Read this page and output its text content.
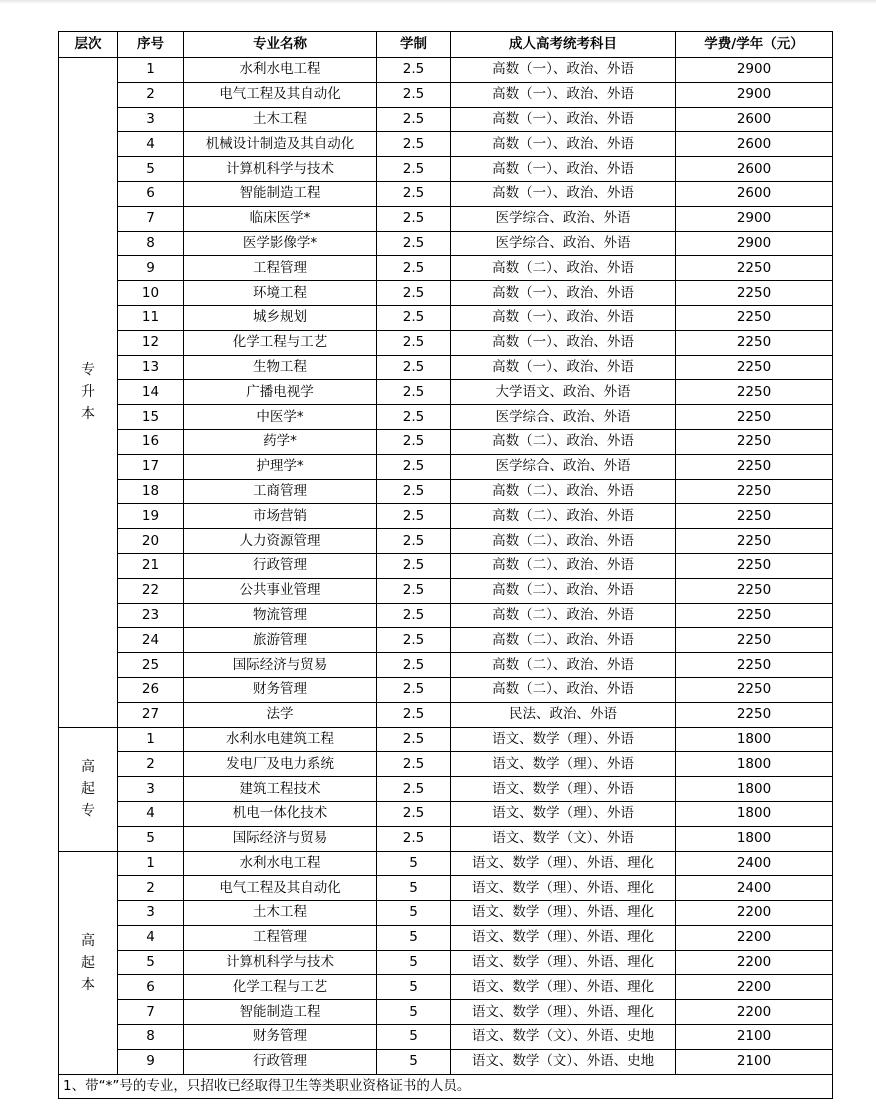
层次	序号	专业名称	学制	成人高考统考科目	学费/学年（元）

专
升
本	1	水利水电工程	2.5	高数（一）、政治、外语	2900
	2	电气工程及其自动化	2.5	高数（一）、政治、外语	2900
	3	土木工程	2.5	高数（一）、政治、外语	2600
	4	机械设计制造及其自动化	2.5	高数（一）、政治、外语	2600
	5	计算机科学与技术	2.5	高数（一）、政治、外语	2600
	6	智能制造工程	2.5	高数（一）、政治、外语	2600
	7	临床医学*	2.5	医学综合、政治、外语	2900
	8	医学影像学*	2.5	医学综合、政治、外语	2900
	9	工程管理	2.5	高数（二）、政治、外语	2250
	10	环境工程	2.5	高数（一）、政治、外语	2250
	11	城乡规划	2.5	高数（一）、政治、外语	2250
	12	化学工程与工艺	2.5	高数（一）、政治、外语	2250
	13	生物工程	2.5	高数（一）、政治、外语	2250
	14	广播电视学	2.5	大学语文、政治、外语	2250
	15	中医学*	2.5	医学综合、政治、外语	2250
	16	药学*	2.5	高数（二）、政治、外语	2250
	17	护理学*	2.5	医学综合、政治、外语	2250
	18	工商管理	2.5	高数（二）、政治、外语	2250
	19	市场营销	2.5	高数（二）、政治、外语	2250
	20	人力资源管理	2.5	高数（二）、政治、外语	2250
	21	行政管理	2.5	高数（二）、政治、外语	2250
	22	公共事业管理	2.5	高数（二）、政治、外语	2250
	23	物流管理	2.5	高数（二）、政治、外语	2250
	24	旅游管理	2.5	高数（二）、政治、外语	2250
	25	国际经济与贸易	2.5	高数（二）、政治、外语	2250
	26	财务管理	2.5	高数（二）、政治、外语	2250
	27	法学	2.5	民法、政治、外语	2250

高
起
专	1	水利水电建筑工程	2.5	语文、数学（理）、外语	1800
	2	发电厂及电力系统	2.5	语文、数学（理）、外语	1800
	3	建筑工程技术	2.5	语文、数学（理）、外语	1800
	4	机电一体化技术	2.5	语文、数学（理）、外语	1800
	5	国际经济与贸易	2.5	语文、数学（文）、外语	1800

高
起
本	1	水利水电工程	5	语文、数学（理）、外语、理化	2400
	2	电气工程及其自动化	5	语文、数学（理）、外语、理化	2400
	3	土木工程	5	语文、数学（理）、外语、理化	2200
	4	工程管理	5	语文、数学（理）、外语、理化	2200
	5	计算机科学与技术	5	语文、数学（理）、外语、理化	2200
	6	化学工程与工艺	5	语文、数学（理）、外语、理化	2200
	7	智能制造工程	5	语文、数学（理）、外语、理化	2200
	8	财务管理	5	语文、数学（文）、外语、史地	2100
	9	行政管理	5	语文、数学（文）、外语、史地	2100
1、带“*”号的专业，只招收已经取得卫生等类职业资格证书的人员。					
